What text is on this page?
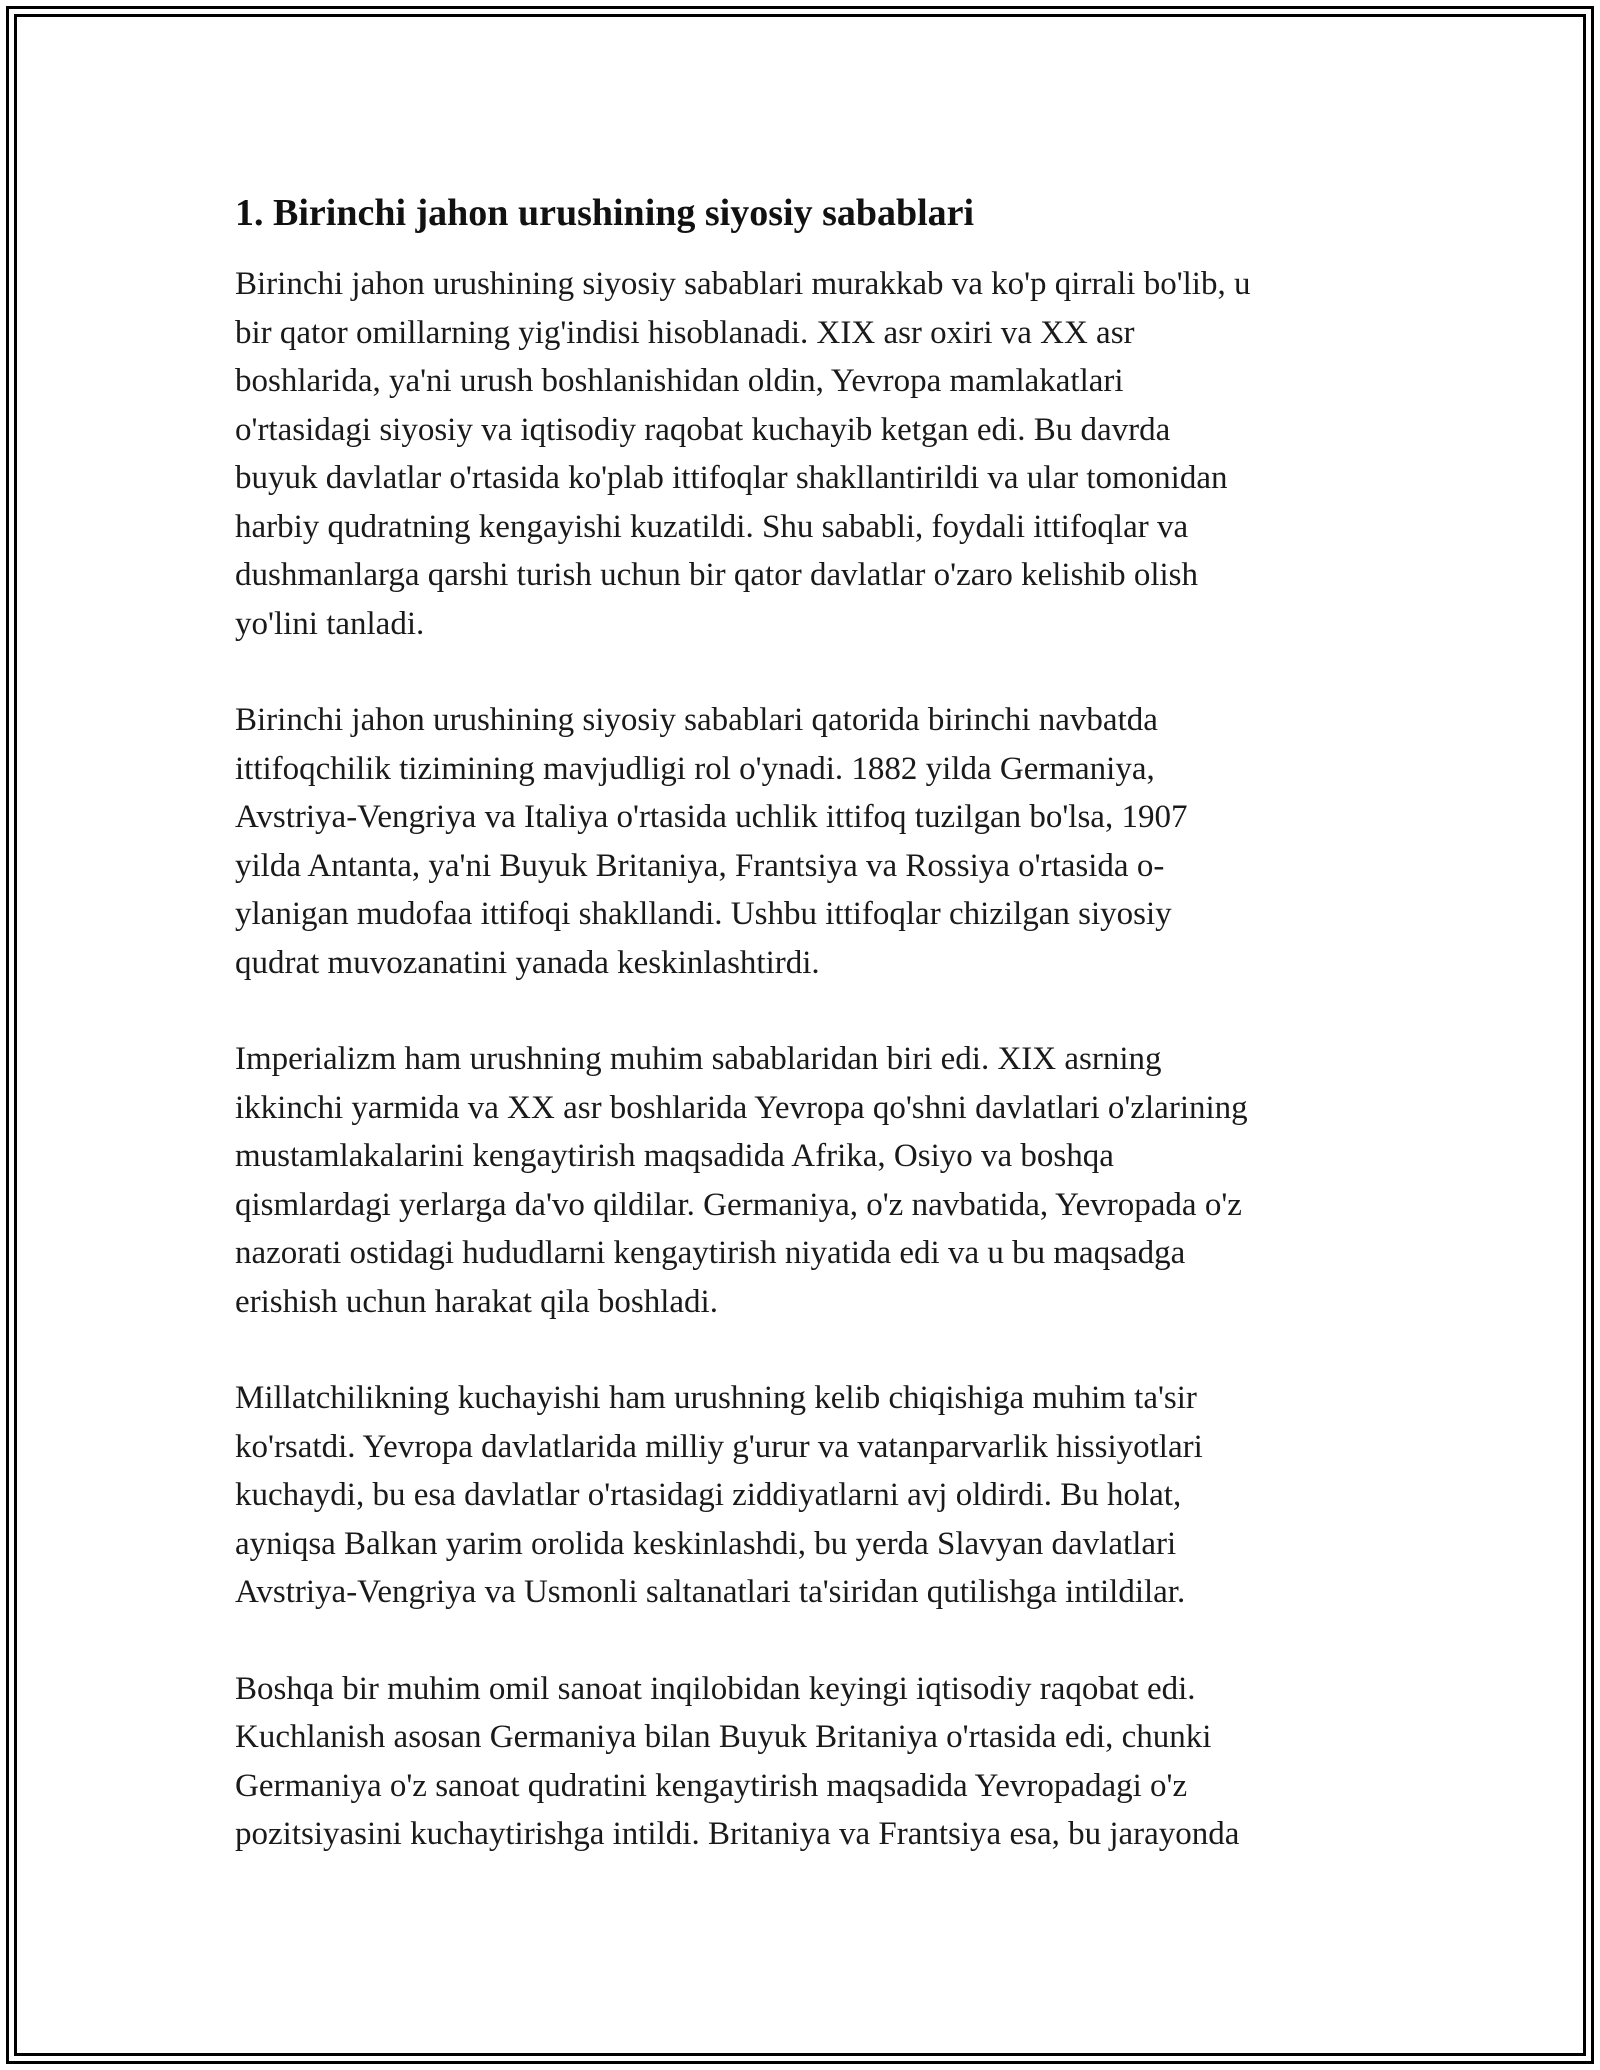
1. Birinchi jahon urushining siyosiy sabablari

Birinchi jahon urushining siyosiy sabablari murakkab va ko'p qirrali bo'lib, u
bir qator omillarning yig'indisi hisoblanadi. XIX asr oxiri va XX asr
boshlarida, ya'ni urush boshlanishidan oldin, Yevropa mamlakatlari
o'rtasidagi siyosiy va iqtisodiy raqobat kuchayib ketgan edi. Bu davrda
buyuk davlatlar o'rtasida ko'plab ittifoqlar shakllantirildi va ular tomonidan
harbiy qudratning kengayishi kuzatildi. Shu sababli, foydali ittifoqlar va
dushmanlarga qarshi turish uchun bir qator davlatlar o'zaro kelishib olish
yo'lini tanladi.

Birinchi jahon urushining siyosiy sabablari qatorida birinchi navbatda
ittifoqchilik tizimining mavjudligi rol o'ynadi. 1882 yilda Germaniya,
Avstriya-Vengriya va Italiya o'rtasida uchlik ittifoq tuzilgan bo'lsa, 1907
yilda Antanta, ya'ni Buyuk Britaniya, Frantsiya va Rossiya o'rtasida o-
ylanigan mudofaa ittifoqi shakllandi. Ushbu ittifoqlar chizilgan siyosiy
qudrat muvozanatini yanada keskinlashtirdi.

Imperializm ham urushning muhim sabablaridan biri edi. XIX asrning
ikkinchi yarmida va XX asr boshlarida Yevropa qo'shni davlatlari o'zlarining
mustamlakalarini kengaytirish maqsadida Afrika, Osiyo va boshqa
qismlardagi yerlarga da'vo qildilar. Germaniya, o'z navbatida, Yevropada o'z
nazorati ostidagi hududlarni kengaytirish niyatida edi va u bu maqsadga
erishish uchun harakat qila boshladi.

Millatchilikning kuchayishi ham urushning kelib chiqishiga muhim ta'sir
ko'rsatdi. Yevropa davlatlarida milliy g'urur va vatanparvarlik hissiyotlari
kuchaydi, bu esa davlatlar o'rtasidagi ziddiyatlarni avj oldirdi. Bu holat,
ayniqsa Balkan yarim orolida keskinlashdi, bu yerda Slavyan davlatlari
Avstriya-Vengriya va Usmonli saltanatlari ta'siridan qutilishga intildilar.

Boshqa bir muhim omil sanoat inqilobidan keyingi iqtisodiy raqobat edi.
Kuchlanish asosan Germaniya bilan Buyuk Britaniya o'rtasida edi, chunki
Germaniya o'z sanoat qudratini kengaytirish maqsadida Yevropadagi o'z
pozitsiyasini kuchaytirishga intildi. Britaniya va Frantsiya esa, bu jarayonda
